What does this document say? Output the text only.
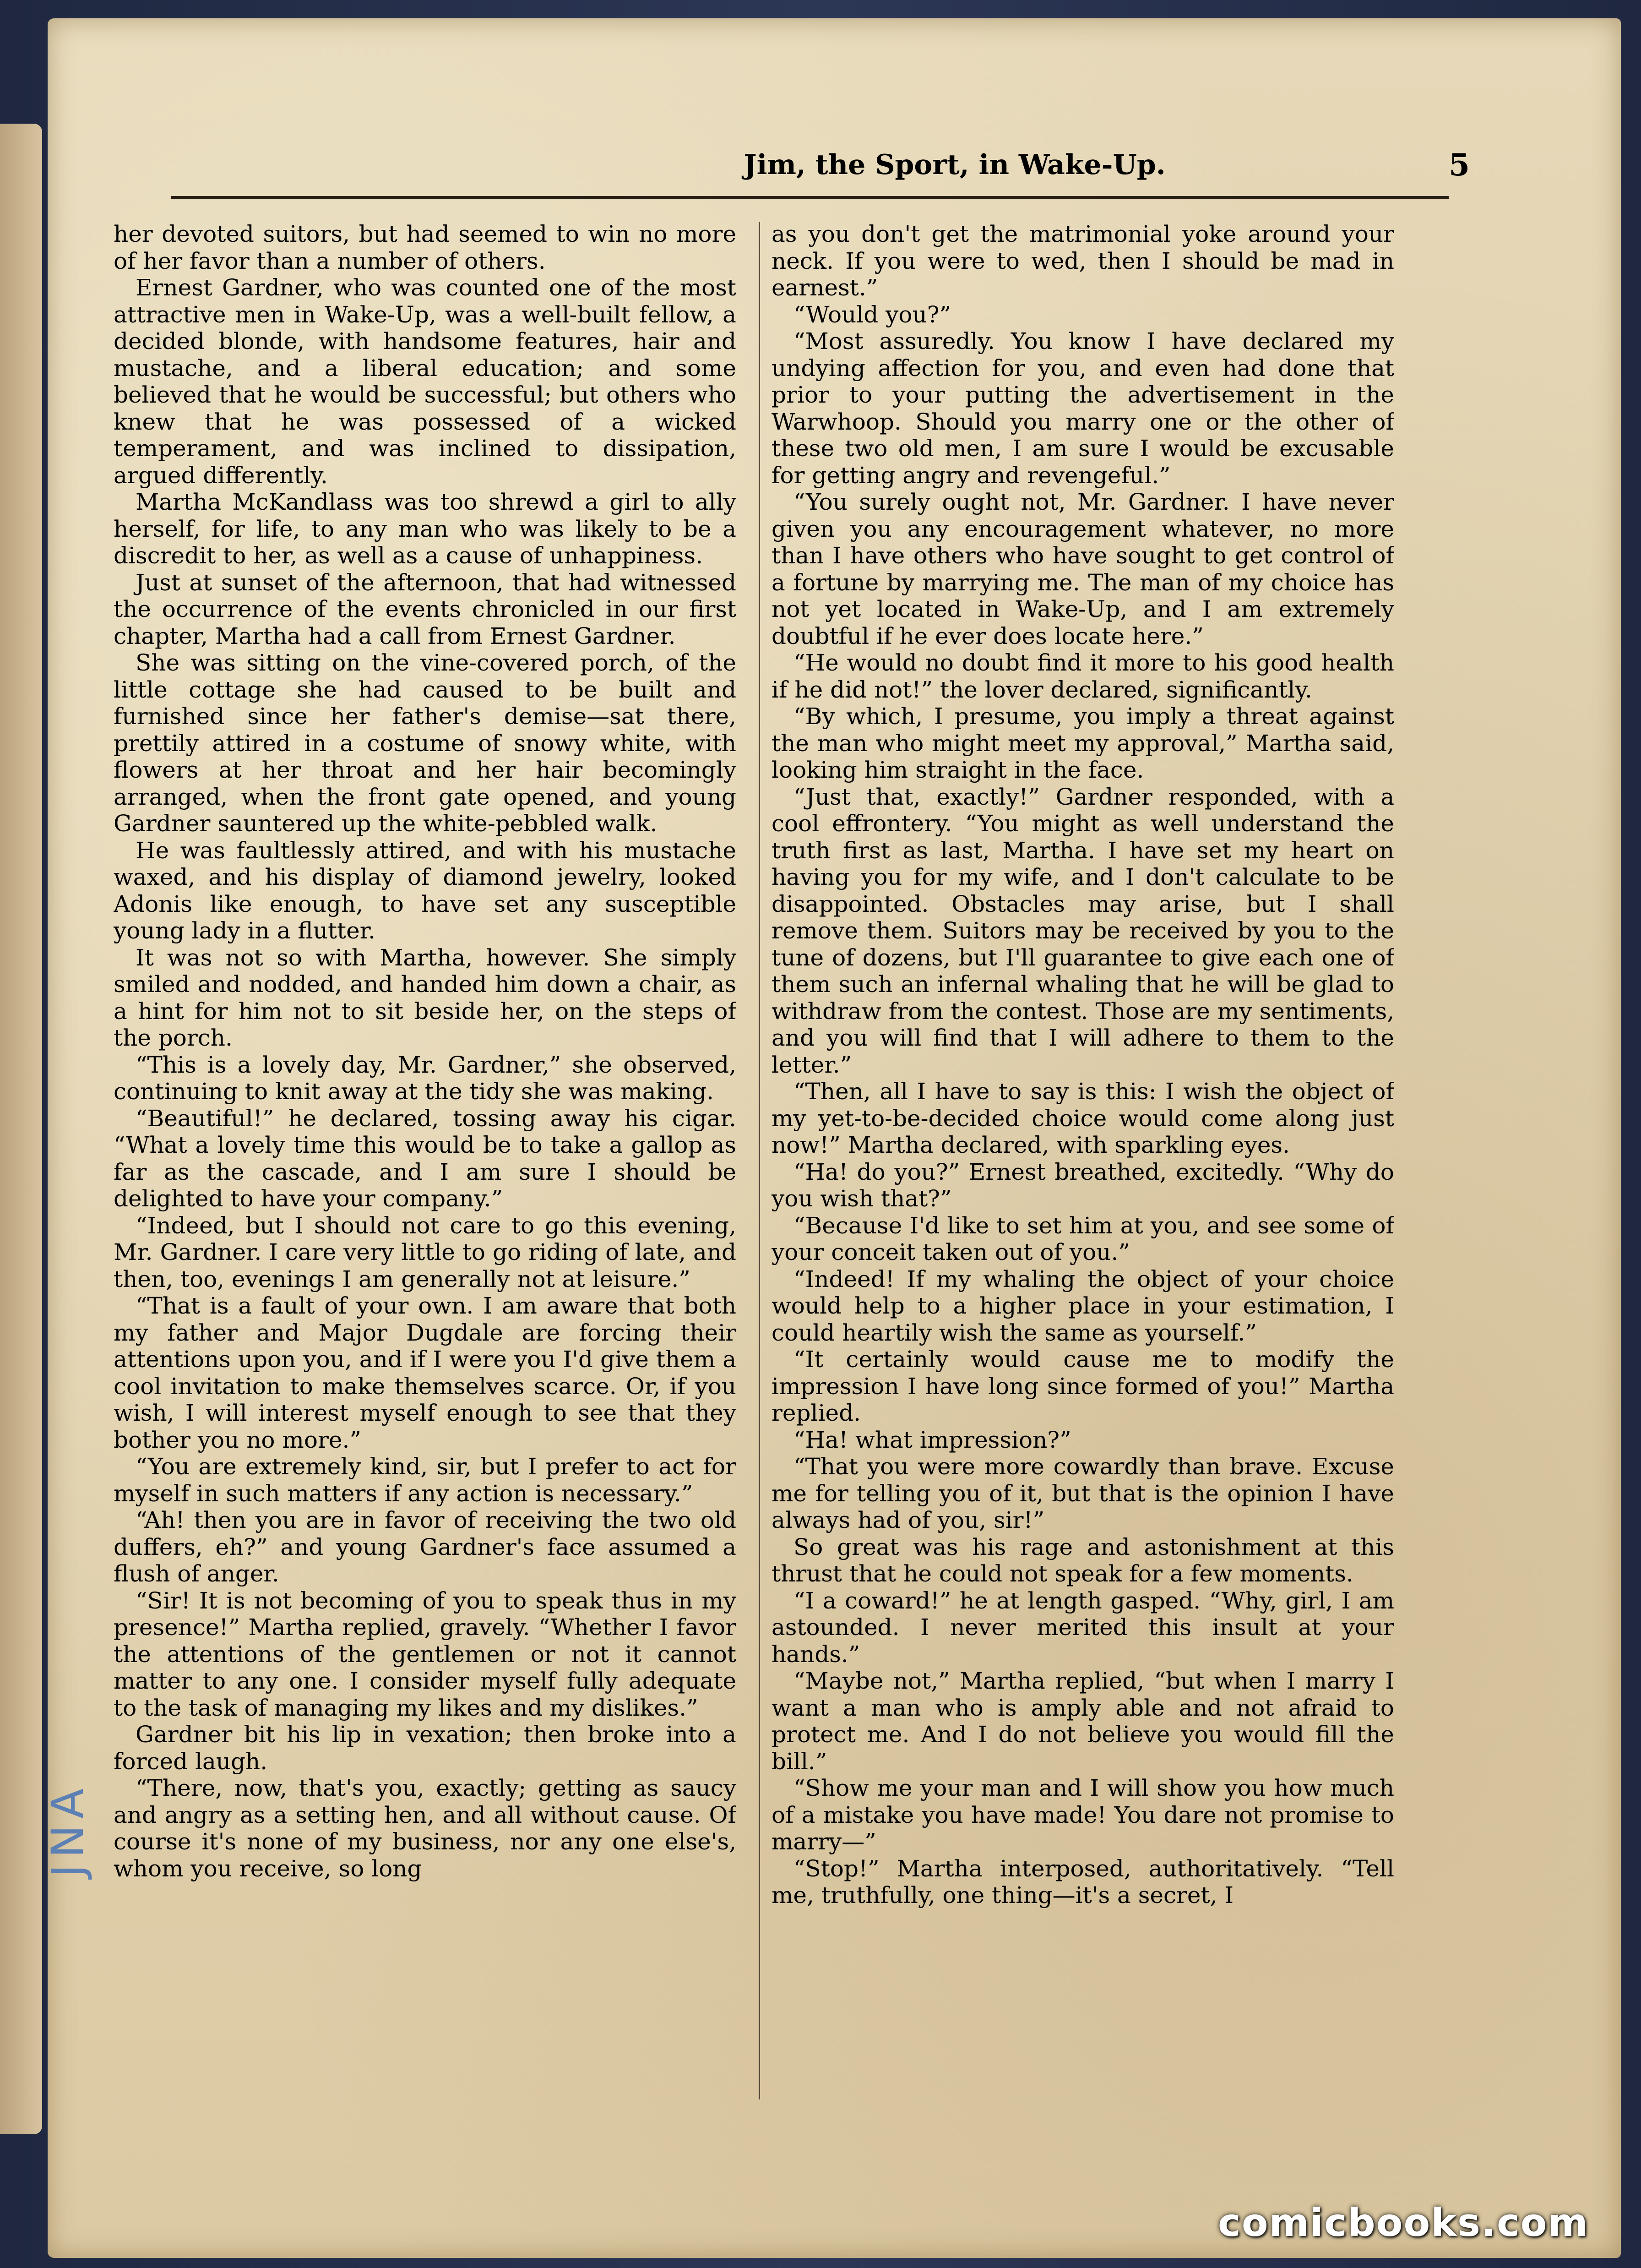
Jim, the Sport, in Wake-Up.	5

her devoted suitors, but had seemed to win no more of her favor than a number of others.

Ernest Gardner, who was counted one of the most attractive men in Wake-Up, was a well-built fellow, a decided blonde, with handsome features, hair and mustache, and a liberal education; and some believed that he would be successful; but others who knew that he was possessed of a wicked temperament, and was inclined to dissipation, argued differently.

Martha McKandlass was too shrewd a girl to ally herself, for life, to any man who was likely to be a discredit to her, as well as a cause of unhappiness.

Just at sunset of the afternoon, that had witnessed the occurrence of the events chronicled in our first chapter, Martha had a call from Ernest Gardner.

She was sitting on the vine-covered porch, of the little cottage she had caused to be built and furnished since her father's demise—sat there, prettily attired in a costume of snowy white, with flowers at her throat and her hair becomingly arranged, when the front gate opened, and young Gardner sauntered up the white-pebbled walk.

He was faultlessly attired, and with his mustache waxed, and his display of diamond jewelry, looked Adonis like enough, to have set any susceptible young lady in a flutter.

It was not so with Martha, however. She simply smiled and nodded, and handed him down a chair, as a hint for him not to sit beside her, on the steps of the porch.

“This is a lovely day, Mr. Gardner,” she observed, continuing to knit away at the tidy she was making.

“Beautiful!” he declared, tossing away his cigar. “What a lovely time this would be to take a gallop as far as the cascade, and I am sure I should be delighted to have your company.”

“Indeed, but I should not care to go this evening, Mr. Gardner. I care very little to go riding of late, and then, too, evenings I am generally not at leisure.”

“That is a fault of your own. I am aware that both my father and Major Dugdale are forcing their attentions upon you, and if I were you I'd give them a cool invitation to make themselves scarce. Or, if you wish, I will interest myself enough to see that they bother you no more.”

“You are extremely kind, sir, but I prefer to act for myself in such matters if any action is necessary.”

“Ah! then you are in favor of receiving the two old duffers, eh?” and young Gardner's face assumed a flush of anger.

“Sir! It is not becoming of you to speak thus in my presence!” Martha replied, gravely. “Whether I favor the attentions of the gentlemen or not it cannot matter to any one. I consider myself fully adequate to the task of managing my likes and my dislikes.”

Gardner bit his lip in vexation; then broke into a forced laugh.

“There, now, that's you, exactly; getting as saucy and angry as a setting hen, and all without cause. Of course it's none of my business, nor any one else's, whom you receive, so long

as you don't get the matrimonial yoke around your neck. If you were to wed, then I should be mad in earnest.”

“Would you?”

“Most assuredly. You know I have declared my undying affection for you, and even had done that prior to your putting the advertisement in the Warwhoop. Should you marry one or the other of these two old men, I am sure I would be excusable for getting angry and revengeful.”

“You surely ought not, Mr. Gardner. I have never given you any encouragement whatever, no more than I have others who have sought to get control of a fortune by marrying me. The man of my choice has not yet located in Wake-Up, and I am extremely doubtful if he ever does locate here.”

“He would no doubt find it more to his good health if he did not!” the lover declared, significantly.

“By which, I presume, you imply a threat against the man who might meet my approval,” Martha said, looking him straight in the face.

“Just that, exactly!” Gardner responded, with a cool effrontery. “You might as well understand the truth first as last, Martha. I have set my heart on having you for my wife, and I don't calculate to be disappointed. Obstacles may arise, but I shall remove them. Suitors may be received by you to the tune of dozens, but I'll guarantee to give each one of them such an infernal whaling that he will be glad to withdraw from the contest. Those are my sentiments, and you will find that I will adhere to them to the letter.”

“Then, all I have to say is this: I wish the object of my yet-to-be-decided choice would come along just now!” Martha declared, with sparkling eyes.

“Ha! do you?” Ernest breathed, excitedly. “Why do you wish that?”

“Because I'd like to set him at you, and see some of your conceit taken out of you.”

“Indeed! If my whaling the object of your choice would help to a higher place in your estimation, I could heartily wish the same as yourself.”

“It certainly would cause me to modify the impression I have long since formed of you!” Martha replied.

“Ha! what impression?”

“That you were more cowardly than brave. Excuse me for telling you of it, but that is the opinion I have always had of you, sir!”

So great was his rage and astonishment at this thrust that he could not speak for a few moments.

“I a coward!” he at length gasped. “Why, girl, I am astounded. I never merited this insult at your hands.”

“Maybe not,” Martha replied, “but when I marry I want a man who is amply able and not afraid to protect me. And I do not believe you would fill the bill.”

“Show me your man and I will show you how much of a mistake you have made! You dare not promise to marry—”

“Stop!” Martha interposed, authoritatively. “Tell me, truthfully, one thing—it's a secret, I

JNA
comicbooks.com
